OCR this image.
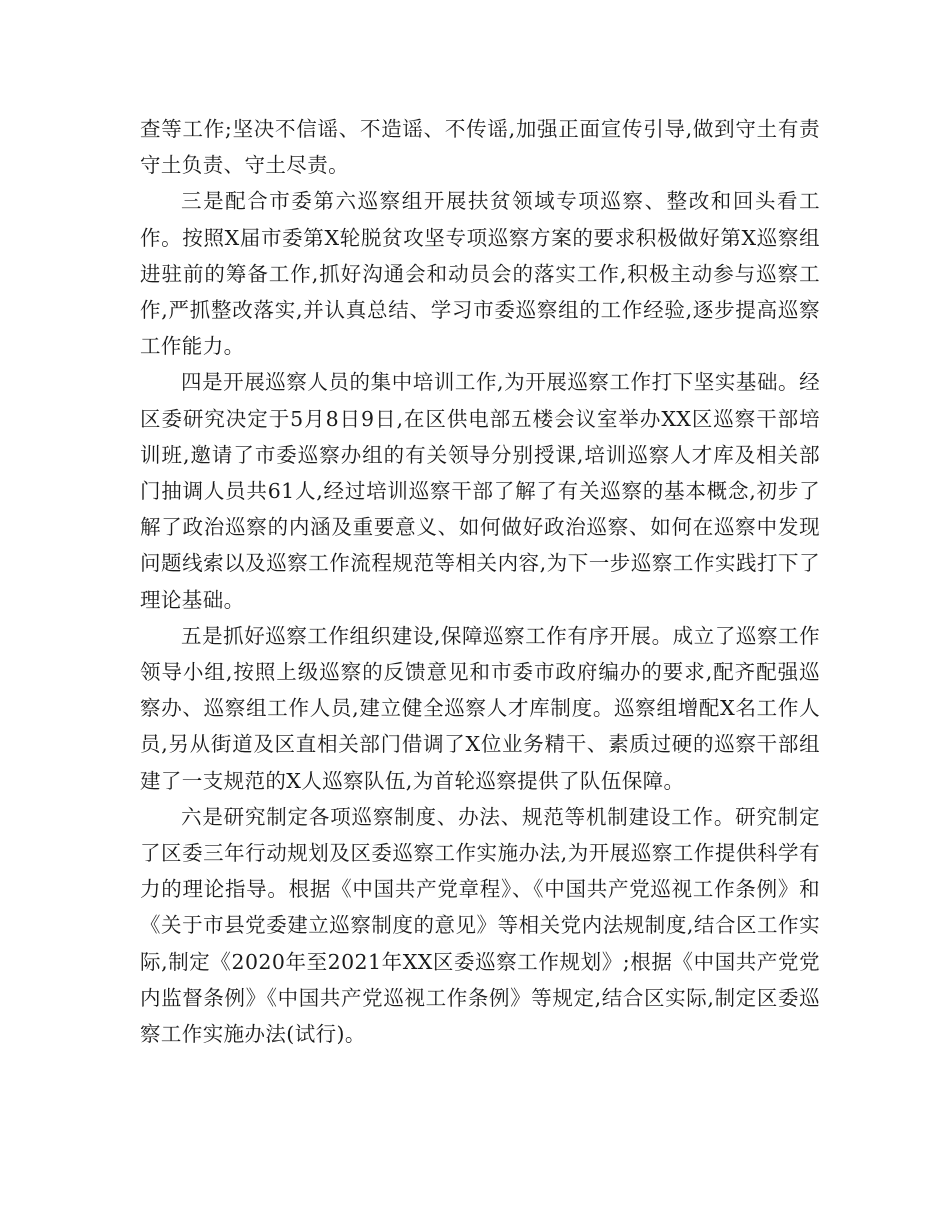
查等工作;坚决不信谣、不造谣、不传谣,加强正面宣传引导,做到守土有责守土负责、守土尽责。

三是配合市委第六巡察组开展扶贫领域专项巡察、整改和回头看工作。按照X届市委第X轮脱贫攻坚专项巡察方案的要求积极做好第X巡察组进驻前的筹备工作,抓好沟通会和动员会的落实工作,积极主动参与巡察工作,严抓整改落实,并认真总结、学习市委巡察组的工作经验,逐步提高巡察工作能力。

四是开展巡察人员的集中培训工作,为开展巡察工作打下坚实基础。经区委研究决定于5月8日9日,在区供电部五楼会议室举办XX区巡察干部培训班,邀请了市委巡察办组的有关领导分别授课,培训巡察人才库及相关部门抽调人员共61人,经过培训巡察干部了解了有关巡察的基本概念,初步了解了政治巡察的内涵及重要意义、如何做好政治巡察、如何在巡察中发现问题线索以及巡察工作流程规范等相关内容,为下一步巡察工作实践打下了理论基础。

五是抓好巡察工作组织建设,保障巡察工作有序开展。成立了巡察工作领导小组,按照上级巡察的反馈意见和市委市政府编办的要求,配齐配强巡察办、巡察组工作人员,建立健全巡察人才库制度。巡察组增配X名工作人员,另从街道及区直相关部门借调了X位业务精干、素质过硬的巡察干部组建了一支规范的X人巡察队伍,为首轮巡察提供了队伍保障。

六是研究制定各项巡察制度、办法、规范等机制建设工作。研究制定了区委三年行动规划及区委巡察工作实施办法,为开展巡察工作提供科学有力的理论指导。根据《中国共产党章程》、《中国共产党巡视工作条例》和《关于市县党委建立巡察制度的意见》等相关党内法规制度,结合区工作实际,制定《2020年至2021年XX区委巡察工作规划》;根据《中国共产党党内监督条例》《中国共产党巡视工作条例》等规定,结合区实际,制定区委巡察工作实施办法(试行)。
